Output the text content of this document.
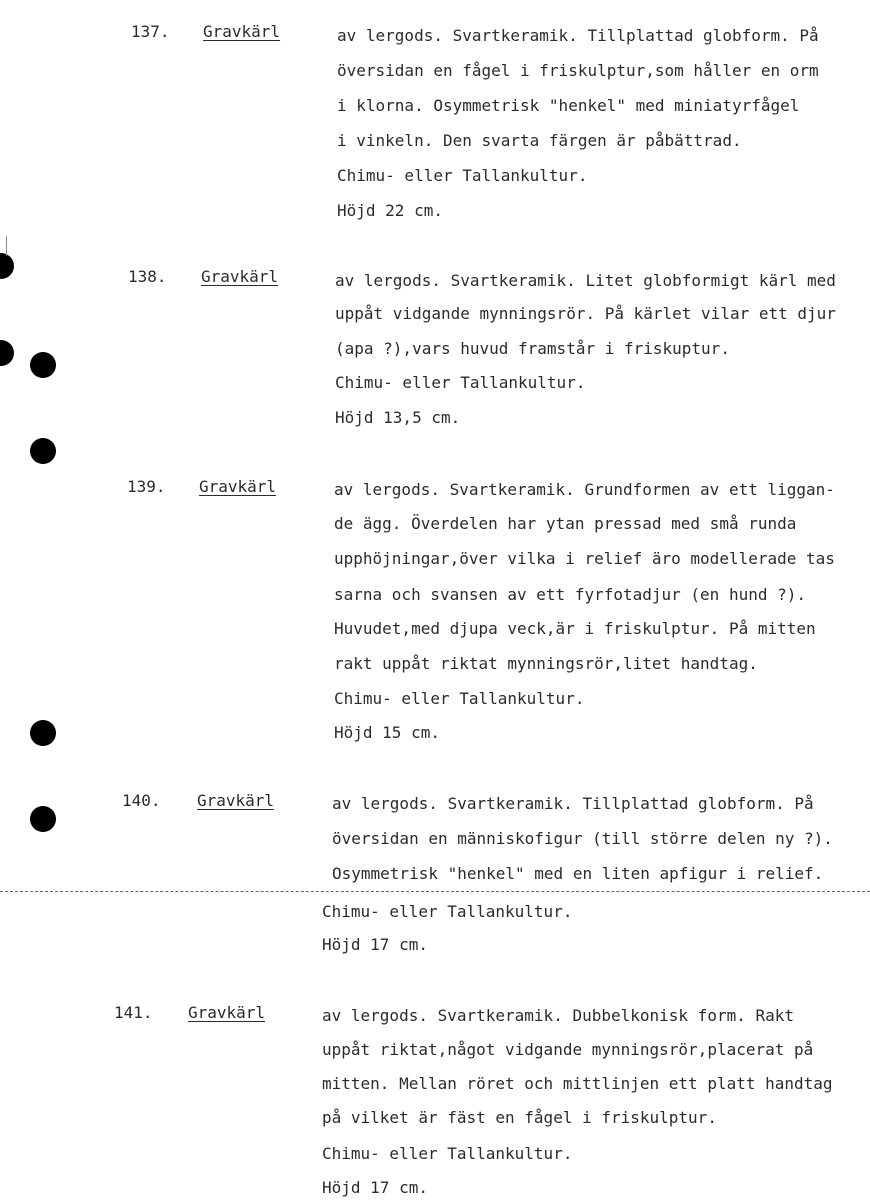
137. Gravkärl	av lergods. Svartkeramik. Tillplattad globform. På
översidan en fågel i friskulptur,som håller en orm
i klorna. Osymmetrisk "henkel" med miniatyrfågel
i vinkeln. Den svarta färgen är påbättrad.
Chimu- eller Tallankultur.
Höjd 22 cm.
138. Gravkärl	av lergods. Svartkeramik. Litet globformigt kärl med
uppåt vidgande mynningsrör. På kärlet vilar ett djur
(apa ?),vars huvud framstår i friskuptur.
Chimu- eller Tallankultur.
Höjd 13,5 cm.
139. Gravkärl	av lergods. Svartkeramik. Grundformen av ett liggan-
de ägg. Överdelen har ytan pressad med små runda
upphöjningar,över vilka i relief äro modellerade tas
sarna och svansen av ett fyrfotadjur (en hund ?).
Huvudet,med djupa veck,är i friskulptur. På mitten
rakt uppåt riktat mynningsrör,litet handtag.
Chimu- eller Tallankultur.
Höjd 15 cm.
140. Gravkärl	av lergods. Svartkeramik. Tillplattad globform. På
översidan en människofigur (till större delen ny ?).
Osymmetrisk "henkel" med en liten apfigur i relief.
Chimu- eller Tallankultur.
Höjd 17 cm.
141. Gravkärl	av lergods. Svartkeramik. Dubbelkonisk form. Rakt
uppåt riktat,något vidgande mynningsrör,placerat på
mitten. Mellan röret och mittlinjen ett platt handtag
på vilket är fäst en fågel i friskulptur.
Chimu- eller Tallankultur.
Höjd 17 cm.
